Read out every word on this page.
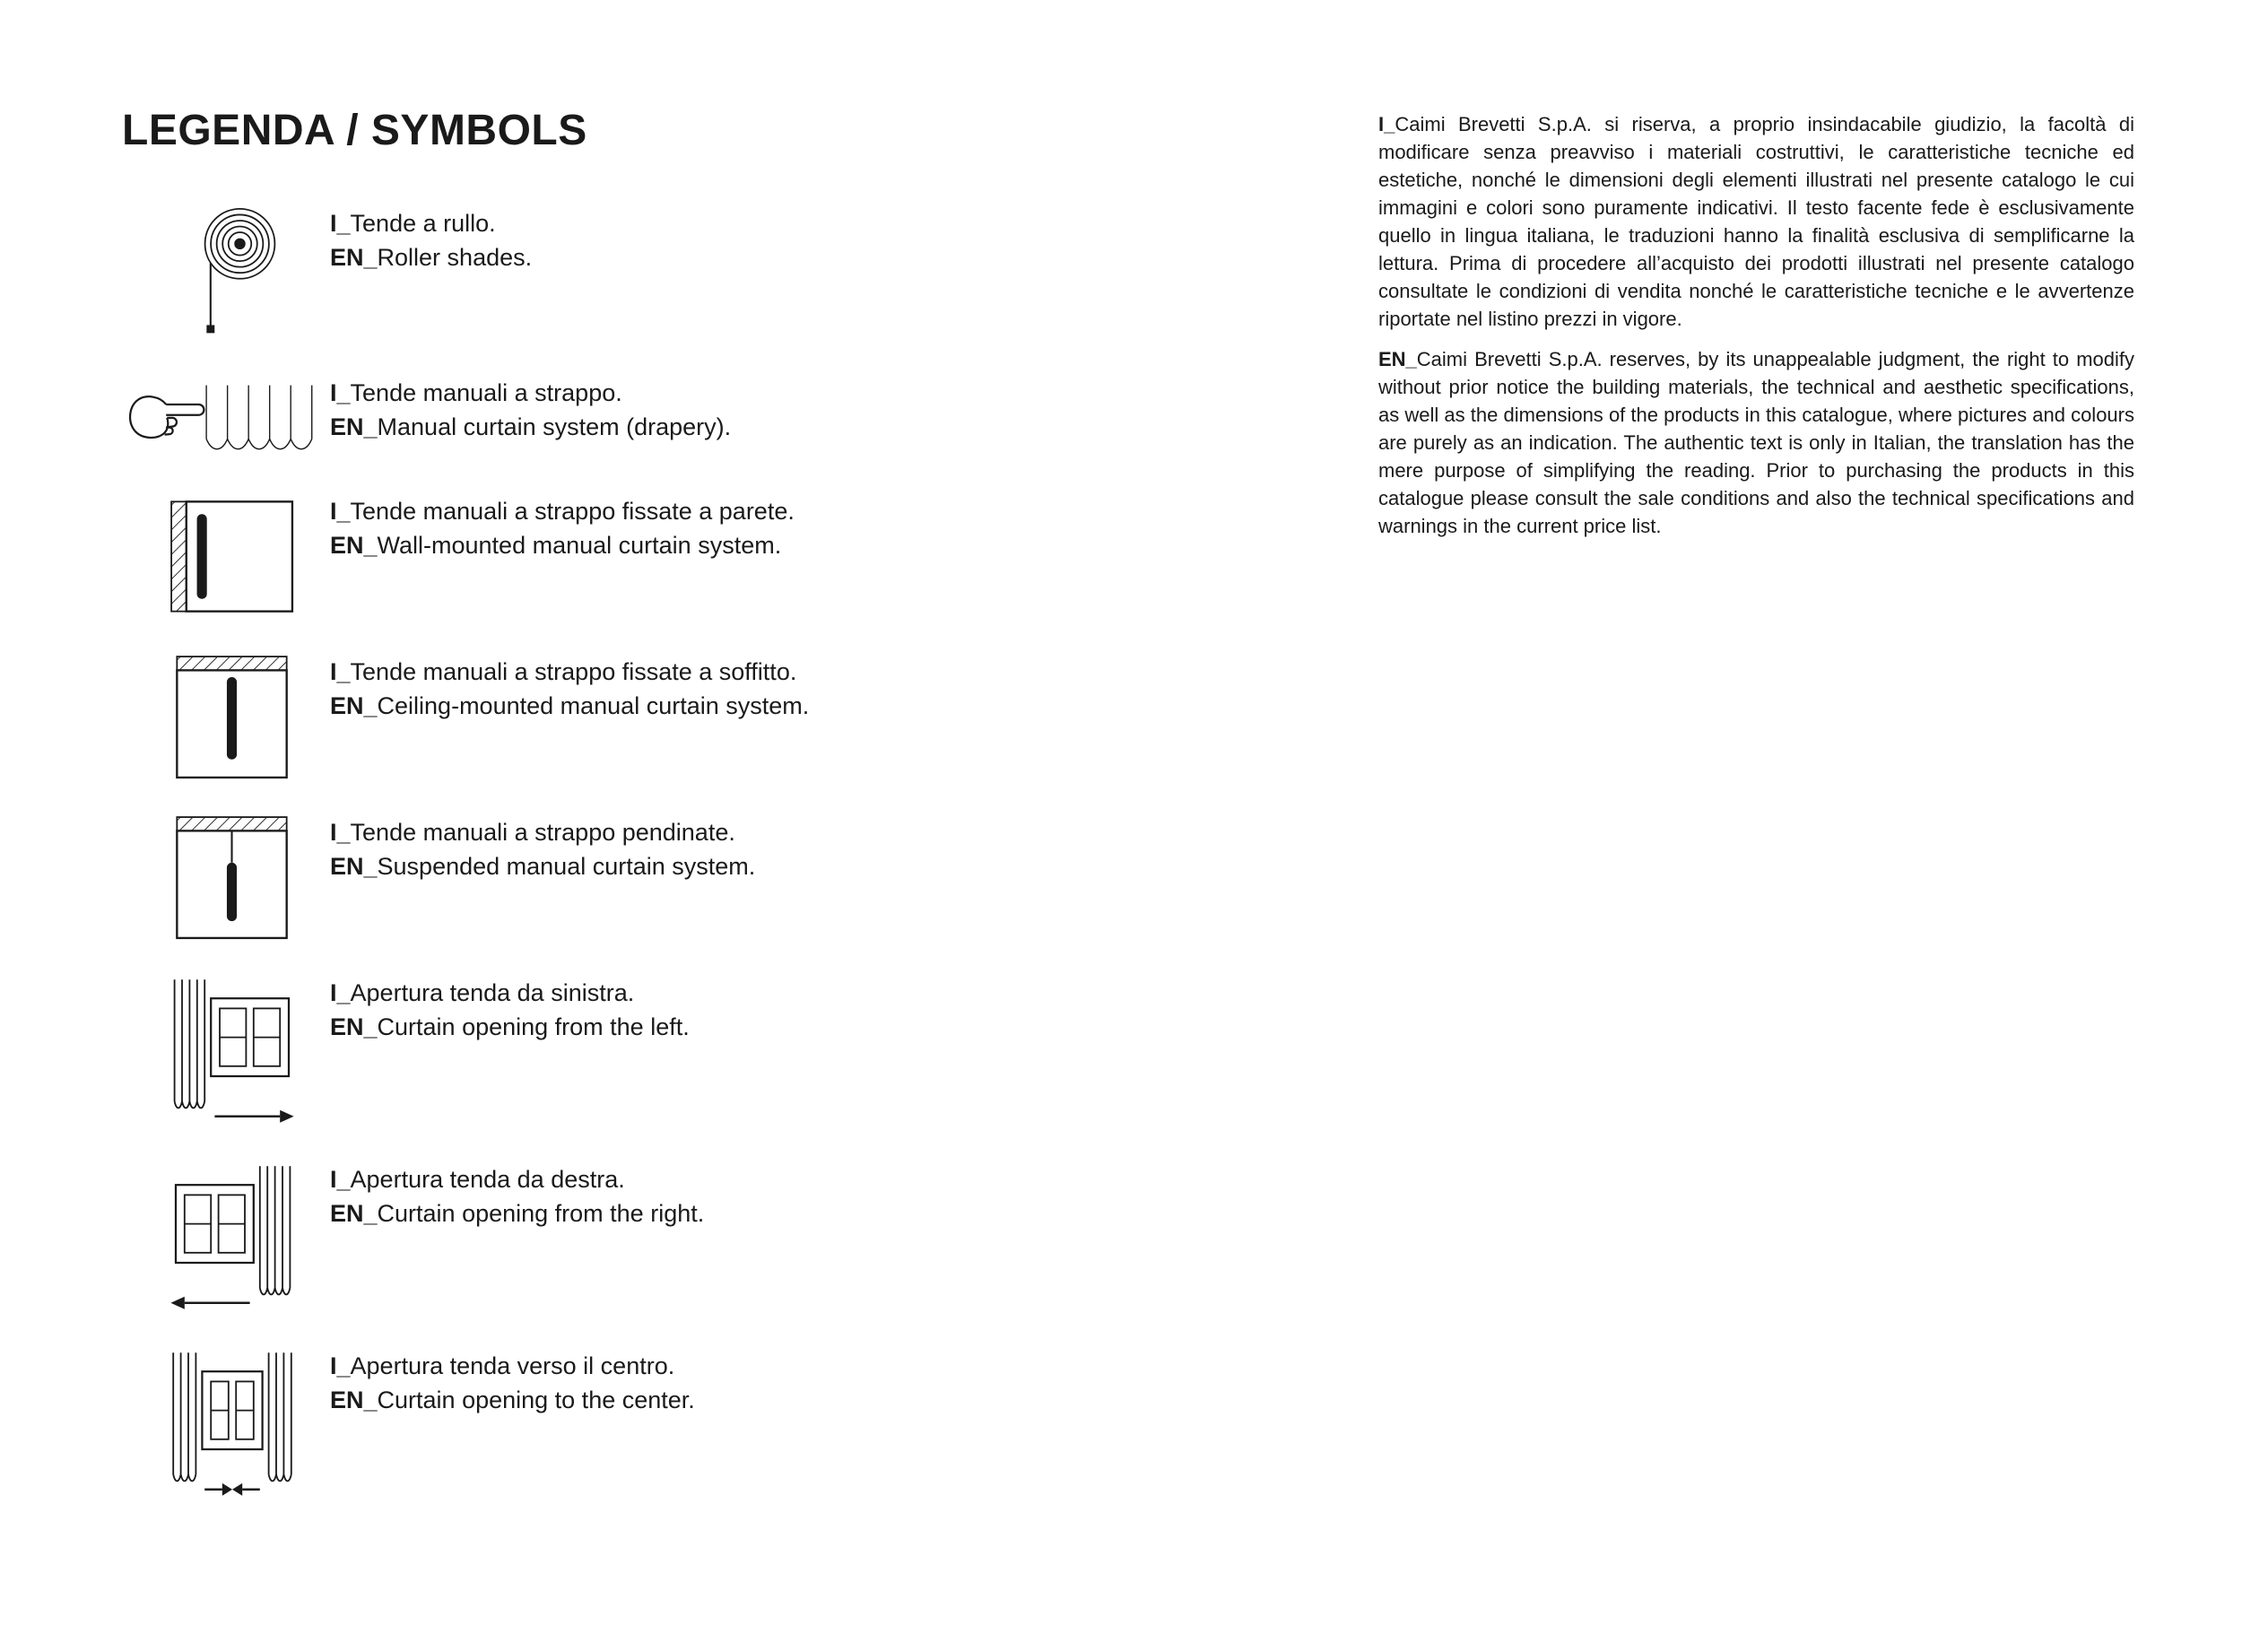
LEGENDA / SYMBOLS
I_Tende a rullo.
EN_Roller shades.
I_Tende manuali a strappo.
EN_Manual curtain system (drapery).
I_Tende manuali a strappo fissate a parete.
EN_Wall-mounted manual curtain system.
I_Tende manuali a strappo fissate a soffitto.
EN_Ceiling-mounted manual curtain system.
I_Tende manuali a strappo pendinate.
EN_Suspended manual curtain system.
I_Apertura tenda da sinistra.
EN_Curtain opening from the left.
I_Apertura tenda da destra.
EN_Curtain opening from the right.
I_Apertura tenda verso il centro.
EN_Curtain opening to the center.

I_Caimi Brevetti S.p.A. si riserva, a proprio insindacabile giudizio, la facoltà di modificare senza preavviso i materiali costruttivi, le caratteristiche tecniche ed estetiche, nonché le dimensioni degli elementi illustrati nel presente catalogo le cui immagini e colori sono puramente indicativi. Il testo facente fede è esclusivamente quello in lingua italiana, le traduzioni hanno la finalità esclusiva di semplificarne la lettura. Prima di procedere all’acquisto dei prodotti illustrati nel presente catalogo consultate le condizioni di vendita nonché le caratteristiche tecniche e le avvertenze riportate nel listino prezzi in vigore.

EN_Caimi Brevetti S.p.A. reserves, by its unappealable judgment, the right to modify without prior notice the building materials, the technical and aesthetic specifications, as well as the dimensions of the products in this catalogue, where pictures and colours are purely as an indication. The authentic text is only in Italian, the translation has the mere purpose of simplifying the reading. Prior to purchasing the products in this catalogue please consult the sale conditions and also the technical specifications and warnings in the current price list.
